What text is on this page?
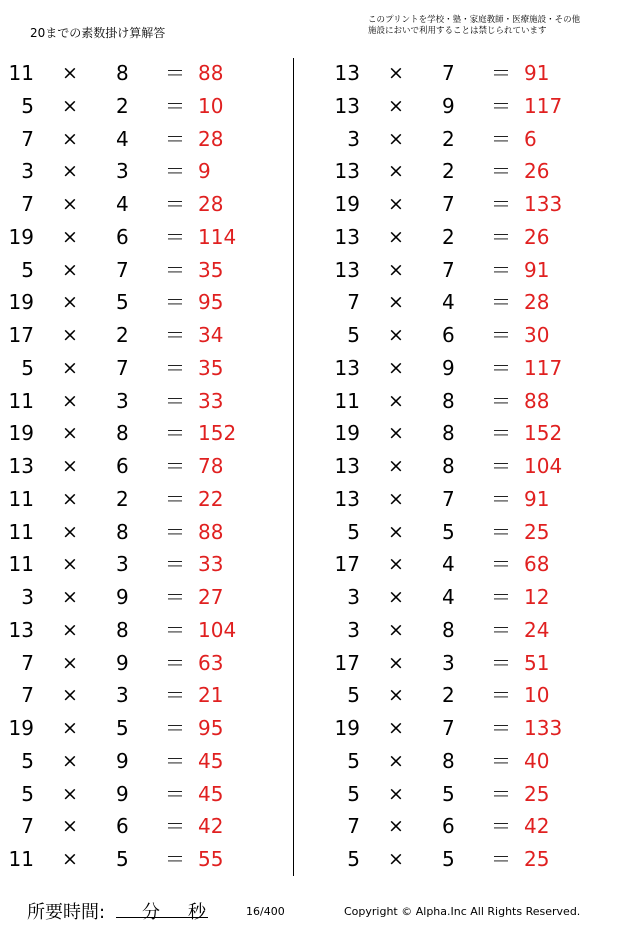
20までの素数掛け算解答
このプリントを学校・塾・家庭教師・医療施設・その他
施設においで利用することは禁じられています
11 × 8 ＝ 88
5 × 2 ＝ 10
7 × 4 ＝ 28
3 × 3 ＝ 9
7 × 4 ＝ 28
19 × 6 ＝ 114
5 × 7 ＝ 35
19 × 5 ＝ 95
17 × 2 ＝ 34
5 × 7 ＝ 35
11 × 3 ＝ 33
19 × 8 ＝ 152
13 × 6 ＝ 78
11 × 2 ＝ 22
11 × 8 ＝ 88
11 × 3 ＝ 33
3 × 9 ＝ 27
13 × 8 ＝ 104
7 × 9 ＝ 63
7 × 3 ＝ 21
19 × 5 ＝ 95
5 × 9 ＝ 45
5 × 9 ＝ 45
7 × 6 ＝ 42
11 × 5 ＝ 55
13 × 7 ＝ 91
13 × 9 ＝ 117
3 × 2 ＝ 6
13 × 2 ＝ 26
19 × 7 ＝ 133
13 × 2 ＝ 26
13 × 7 ＝ 91
7 × 4 ＝ 28
5 × 6 ＝ 30
13 × 9 ＝ 117
11 × 8 ＝ 88
19 × 8 ＝ 152
13 × 8 ＝ 104
13 × 7 ＝ 91
5 × 5 ＝ 25
17 × 4 ＝ 68
3 × 4 ＝ 12
3 × 8 ＝ 24
17 × 3 ＝ 51
5 × 2 ＝ 10
19 × 7 ＝ 133
5 × 8 ＝ 40
5 × 5 ＝ 25
7 × 6 ＝ 42
5 × 5 ＝ 25
所要時間: 分 秒	16/400	Copyright © Alpha.Inc All Rights Reserved.
